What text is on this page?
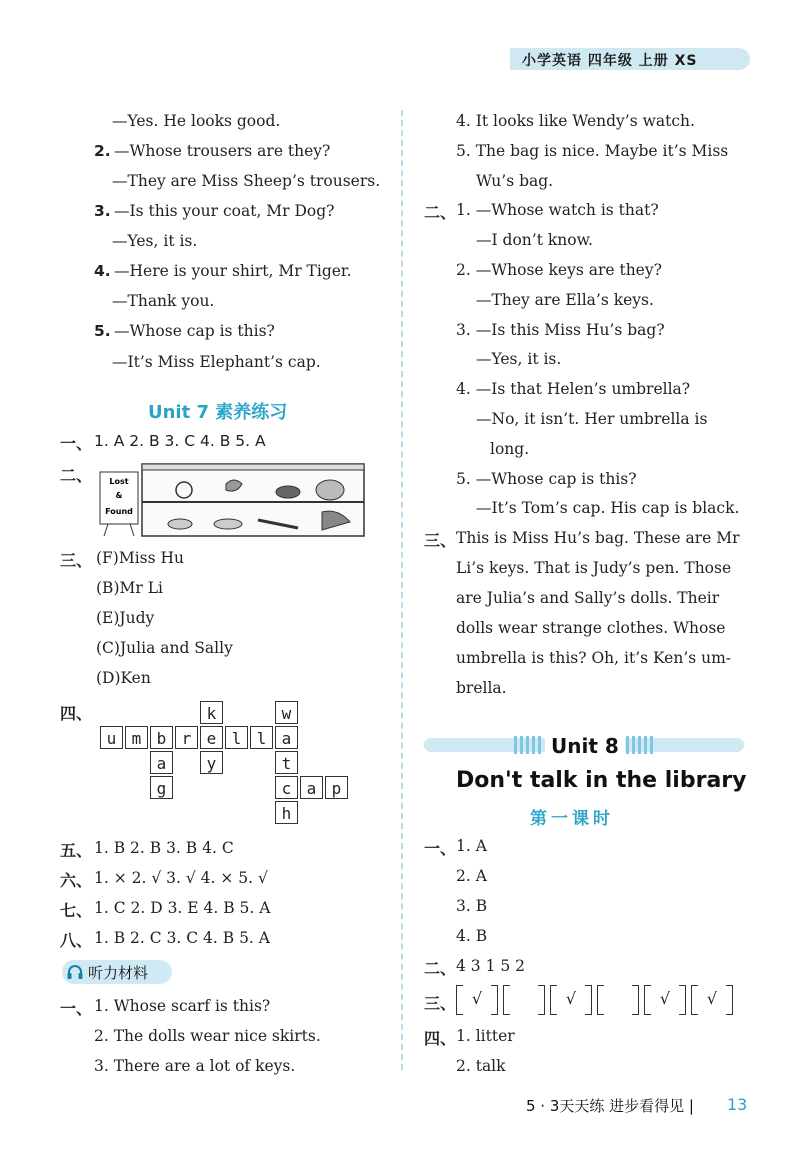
小学英语 四年级 上册 XS
—Yes. He looks good.
2. —Whose trousers are they?
—They are Miss Sheep’s trousers.
3. —Is this your coat, Mr Dog?
—Yes, it is.
4. —Here is your shirt, Mr Tiger.
—Thank you.
5. —Whose cap is this?
—It’s Miss Elephant’s cap.
Unit 7 素养练习
一、 1. A 2. B 3. C 4. B 5. A
二、 Lost
&
Found
三、 (F)Miss Hu
(B)Mr Li
(E)Judy
(C)Julia and Sally
(D)Ken
四、
u m b r e l l a
k
y
a
g
w
t
c a p
h
五、 1. B 2. B 3. B 4. C
六、 1. × 2. √ 3. √ 4. × 5. √
七、 1. C 2. D 3. E 4. B 5. A
八、 1. B 2. C 3. C 4. B 5. A
听力材料
一、 1. Whose scarf is this?
2. The dolls wear nice skirts.
3. There are a lot of keys.
4. It looks like Wendy’s watch.
5. The bag is nice. Maybe it’s Miss
Wu’s bag.
二、 1. —Whose watch is that?
—I don’t know.
2. —Whose keys are they?
—They are Ella’s keys.
3. —Is this Miss Hu’s bag?
—Yes, it is.
4. —Is that Helen’s umbrella?
—No, it isn’t. Her umbrella is
long.
5. —Whose cap is this?
—It’s Tom’s cap. His cap is black.
三、 This is Miss Hu’s bag. These are Mr
Li’s keys. That is Judy’s pen. Those
are Julia’s and Sally’s dolls. Their
dolls wear strange clothes. Whose
umbrella is this? Oh, it’s Ken’s um-
brella.
Unit 8
Don't talk in the library
第一课时
一、 1. A
2. A
3. B
4. B
二、 4 3 1 5 2
三、 √	√	√	√
四、 1. litter
2. talk
5 · 3天天练 进步看得见 | 13
